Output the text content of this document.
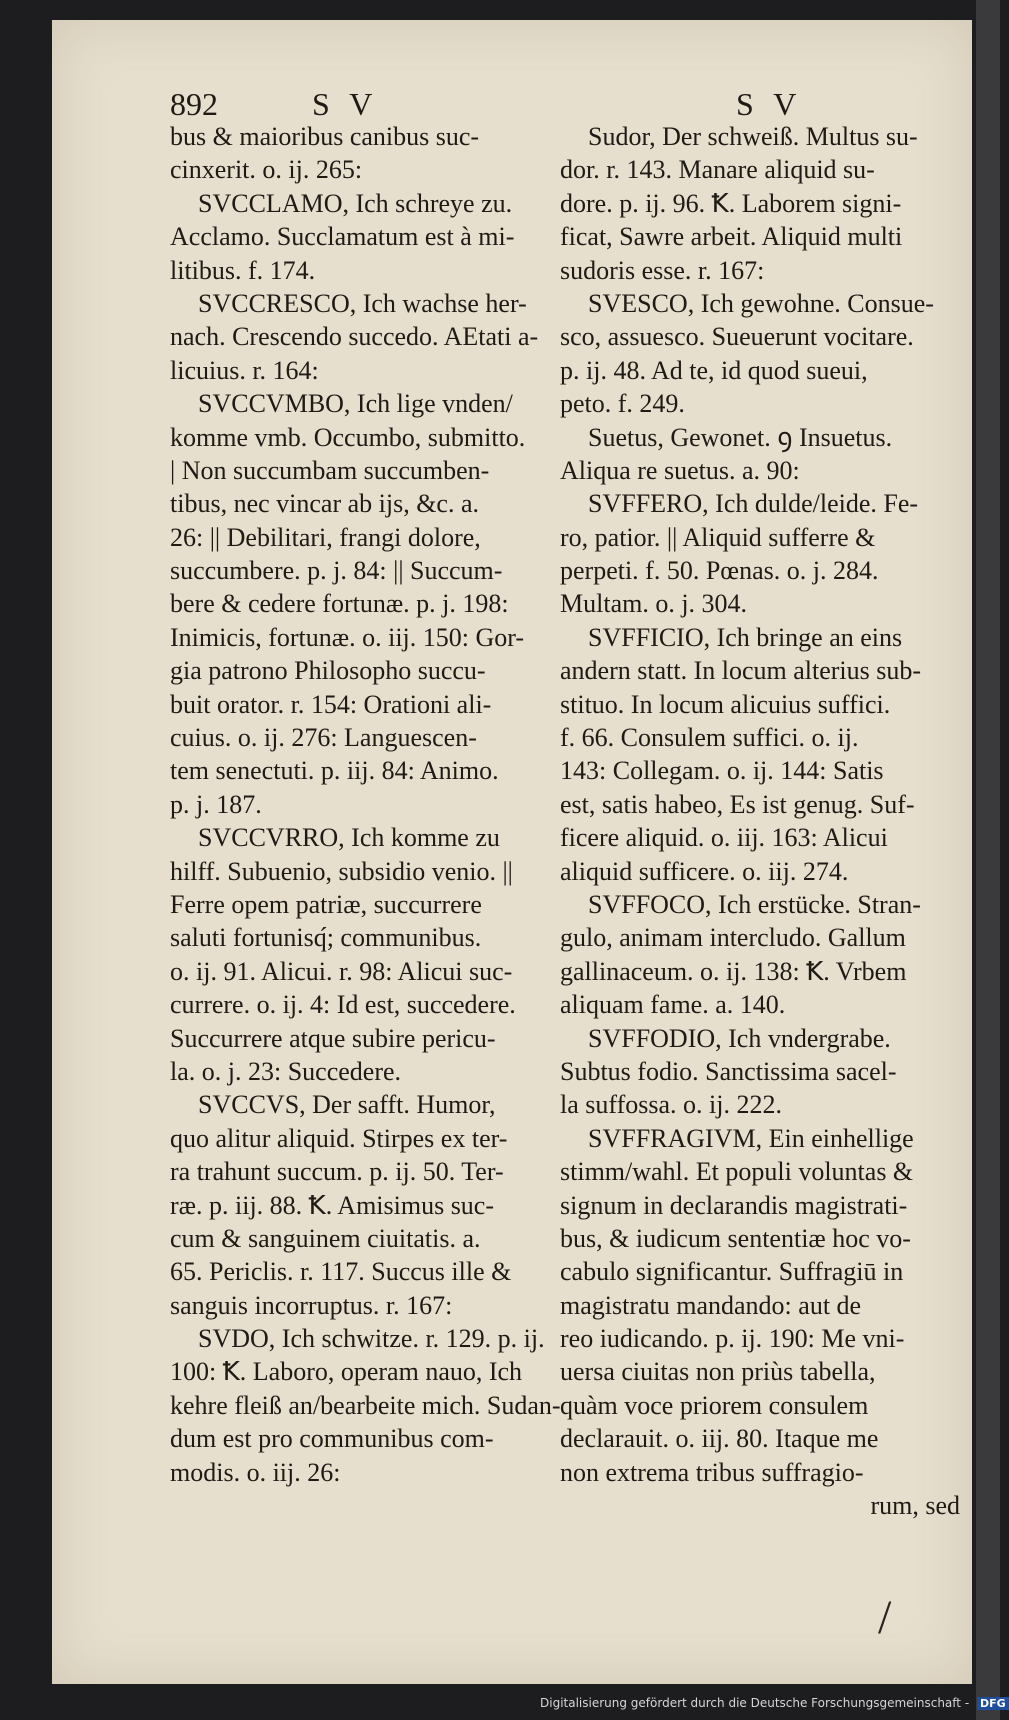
892	S V	S V
bus & maioribus canibus suc-
cinxerit. o. ij. 265:
SVCCLAMO, Ich schreye zu.
Acclamo. Succlamatum est à mi-
litibus. f. 174.
SVCCRESCO, Ich wachse her-
nach. Crescendo succedo. AEtati a-
licuius. r. 164:
SVCCVMBO, Ich lige vnden/
komme vmb. Occumbo, submitto.
| Non succumbam succumben-
tibus, nec vincar ab ijs, &c. a.
26: || Debilitari, frangi dolore,
succumbere. p. j. 84: || Succum-
bere & cedere fortunæ. p. j. 198:
Inimicis, fortunæ. o. iij. 150: Gor-
gia patrono Philosopho succu-
buit orator. r. 154: Orationi ali-
cuius. o. ij. 276: Languescen-
tem senectuti. p. iij. 84: Animo.
p. j. 187.
SVCCVRRO, Ich komme zu
hilff. Subuenio, subsidio venio. ||
Ferre opem patriæ, succurrere
saluti fortunisq́; communibus.
o. ij. 91. Alicui. r. 98: Alicui suc-
currere. o. ij. 4: Id est, succedere.
Succurrere atque subire pericu-
la. o. j. 23: Succedere.
SVCCVS, Der safft. Humor,
quo alitur aliquid. Stirpes ex ter-
ra trahunt succum. p. ij. 50. Ter-
ræ. p. iij. 88. Ꝁ. Amisimus suc-
cum & sanguinem ciuitatis. a.
65. Periclis. r. 117. Succus ille &
sanguis incorruptus. r. 167:
SVDO, Ich schwitze. r. 129. p. ij.
100: Ꝁ. Laboro, operam nauo, Ich
kehre fleiß an/bearbeite mich. Sudan-
dum est pro communibus com-
modis. o. iij. 26:
Sudor, Der schweiß. Multus su-
dor. r. 143. Manare aliquid su-
dore. p. ij. 96. Ꝁ. Laborem signi-
ficat, Sawre arbeit. Aliquid multi
sudoris esse. r. 167:
SVESCO, Ich gewohne. Consue-
sco, assuesco. Sueuerunt vocitare.
p. ij. 48. Ad te, id quod sueui,
peto. f. 249.
Suetus, Gewonet. ꝯ Insuetus.
Aliqua re suetus. a. 90:
SVFFERO, Ich dulde/leide. Fe-
ro, patior. || Aliquid sufferre &
perpeti. f. 50. Pœnas. o. j. 284.
Multam. o. j. 304.
SVFFICIO, Ich bringe an eins
andern statt. In locum alterius sub-
stituo. In locum alicuius suffici.
f. 66. Consulem suffici. o. ij.
143: Collegam. o. ij. 144: Satis
est, satis habeo, Es ist genug. Suf-
ficere aliquid. o. iij. 163: Alicui
aliquid sufficere. o. iij. 274.
SVFFOCO, Ich erstücke. Stran-
gulo, animam intercludo. Gallum
gallinaceum. o. ij. 138: Ꝁ. Vrbem
aliquam fame. a. 140.
SVFFODIO, Ich vndergrabe.
Subtus fodio. Sanctissima sacel-
la suffossa. o. ij. 222.
SVFFRAGIVM, Ein einhellige
stimm/wahl. Et populi voluntas &
signum in declarandis magistrati-
bus, & iudicum sententiæ hoc vo-
cabulo significantur. Suffragiū in
magistratu mandando: aut de
reo iudicando. p. ij. 190: Me vni-
uersa ciuitas non priùs tabella,
quàm voce priorem consulem
declarauit. o. iij. 80. Itaque me
non extrema tribus suffragio-
rum, sed
/
Digitalisierung gefördert durch die Deutsche Forschungsgemeinschaft - DFG
